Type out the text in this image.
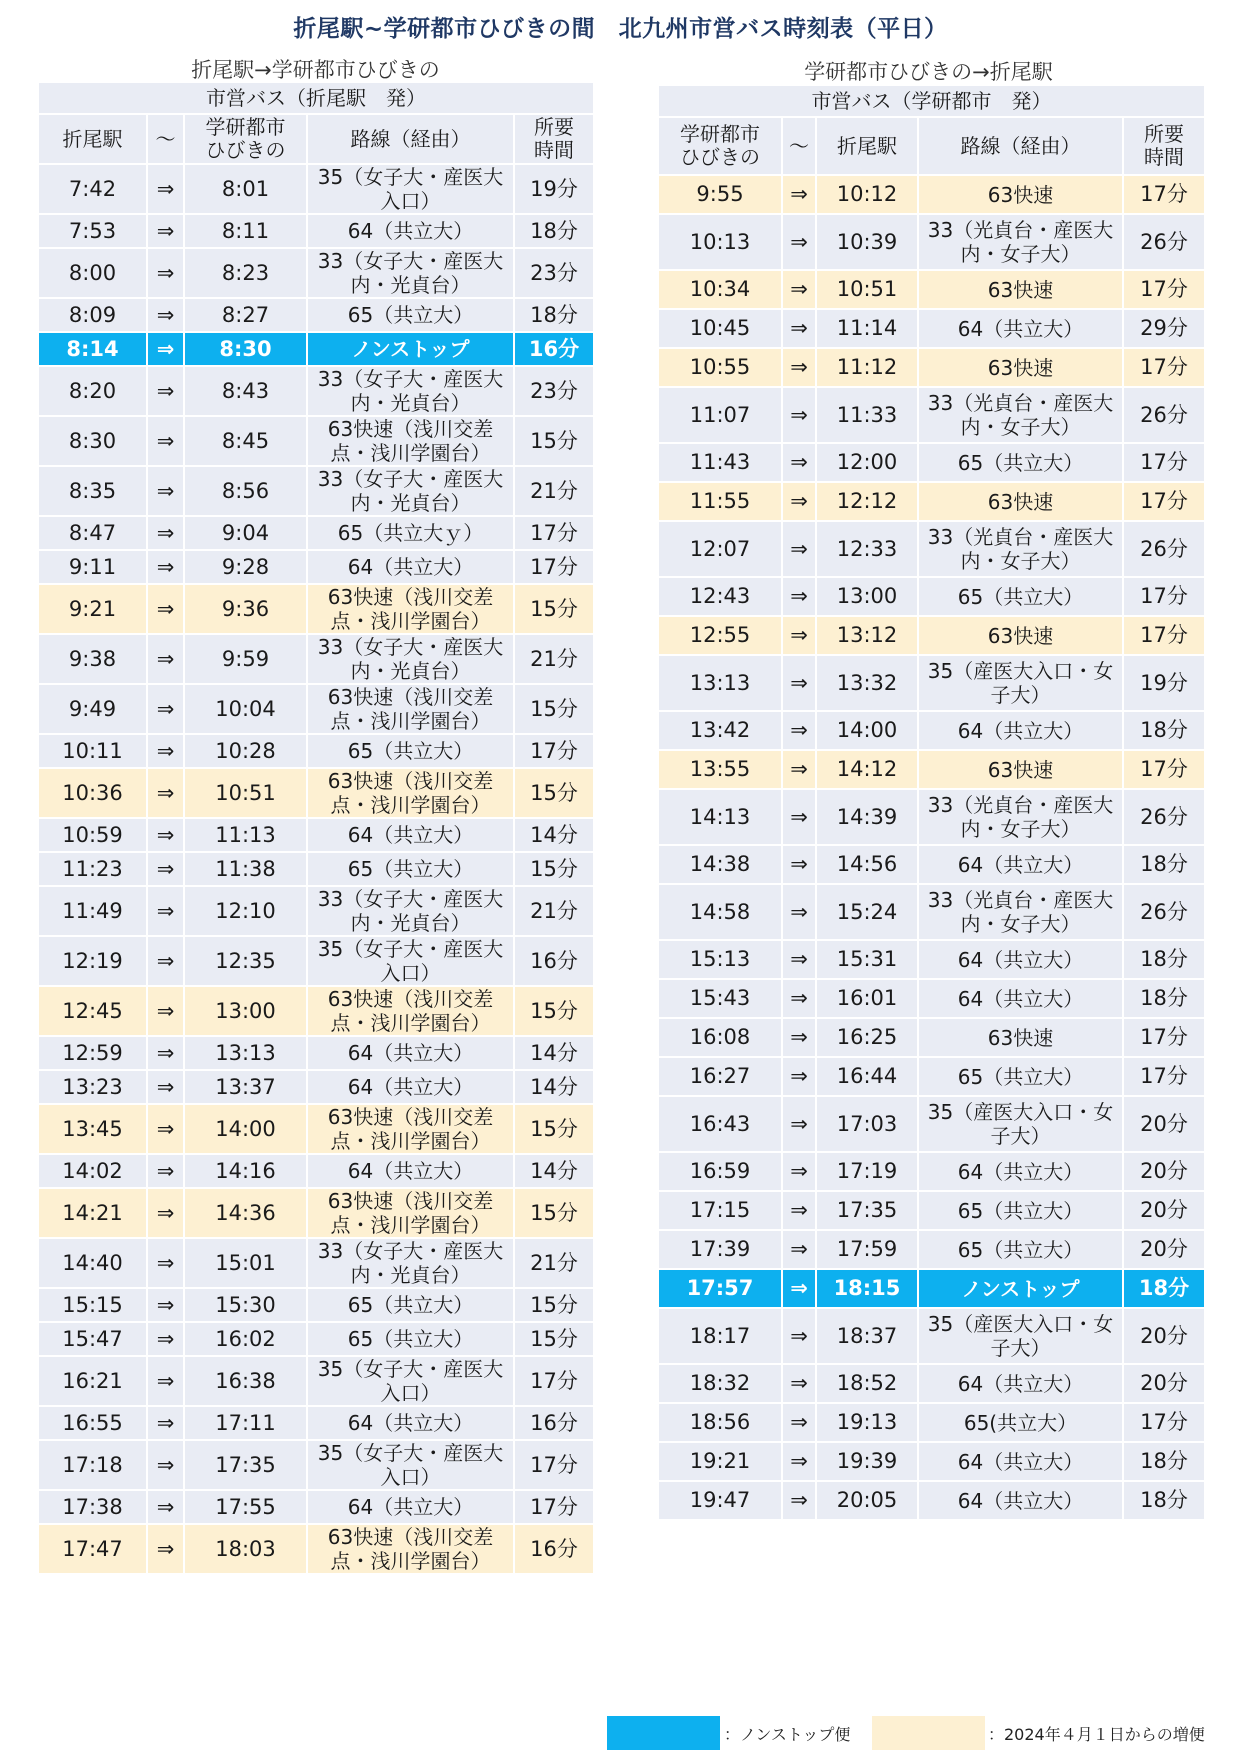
折尾駅~学研都市ひびきの間　北九州市営バス時刻表（平日）
折尾駅→学研都市ひびきの	学研都市ひびきの→折尾駅
市営バス（折尾駅　発）				
折尾駅	〜	学研都市
ひびきの	路線（経由）	所要
時間
7:42	⇒	8:01	35（女子大・産医大入口）	19分
7:53	⇒	8:11	64（共立大）	18分
8:00	⇒	8:23	33（女子大・産医大内・光貞台）	23分
8:09	⇒	8:27	65（共立大）	18分
8:14	⇒	8:30	ノンストップ	16分
8:20	⇒	8:43	33（女子大・産医大内・光貞台）	23分
8:30	⇒	8:45	63快速（浅川交差点・浅川学園台）	15分
8:35	⇒	8:56	33（女子大・産医大内・光貞台）	21分
8:47	⇒	9:04	65（共立大ｙ）	17分
9:11	⇒	9:28	64（共立大）	17分
9:21	⇒	9:36	63快速（浅川交差点・浅川学園台）	15分
9:38	⇒	9:59	33（女子大・産医大内・光貞台）	21分
9:49	⇒	10:04	63快速（浅川交差点・浅川学園台）	15分
10:11	⇒	10:28	65（共立大）	17分
10:36	⇒	10:51	63快速（浅川交差点・浅川学園台）	15分
10:59	⇒	11:13	64（共立大）	14分
11:23	⇒	11:38	65（共立大）	15分
11:49	⇒	12:10	33（女子大・産医大内・光貞台）	21分
12:19	⇒	12:35	35（女子大・産医大入口）	16分
12:45	⇒	13:00	63快速（浅川交差点・浅川学園台）	15分
12:59	⇒	13:13	64（共立大）	14分
13:23	⇒	13:37	64（共立大）	14分
13:45	⇒	14:00	63快速（浅川交差点・浅川学園台）	15分
14:02	⇒	14:16	64（共立大）	14分
14:21	⇒	14:36	63快速（浅川交差点・浅川学園台）	15分
14:40	⇒	15:01	33（女子大・産医大内・光貞台）	21分
15:15	⇒	15:30	65（共立大）	15分
15:47	⇒	16:02	65（共立大）	15分
16:21	⇒	16:38	35（女子大・産医大入口）	17分
16:55	⇒	17:11	64（共立大）	16分
17:18	⇒	17:35	35（女子大・産医大入口）	17分
17:38	⇒	17:55	64（共立大）	17分
17:47	⇒	18:03	63快速（浅川交差点・浅川学園台）	16分
市営バス（学研都市　発）				
学研都市
ひびきの	〜	折尾駅	路線（経由）	所要
時間
9:55	⇒	10:12	63快速	17分
10:13	⇒	10:39	33（光貞台・産医大内・女子大）	26分
10:34	⇒	10:51	63快速	17分
10:45	⇒	11:14	64（共立大）	29分
10:55	⇒	11:12	63快速	17分
11:07	⇒	11:33	33（光貞台・産医大内・女子大）	26分
11:43	⇒	12:00	65（共立大）	17分
11:55	⇒	12:12	63快速	17分
12:07	⇒	12:33	33（光貞台・産医大内・女子大）	26分
12:43	⇒	13:00	65（共立大）	17分
12:55	⇒	13:12	63快速	17分
13:13	⇒	13:32	35（産医大入口・女子大）	19分
13:42	⇒	14:00	64（共立大）	18分
13:55	⇒	14:12	63快速	17分
14:13	⇒	14:39	33（光貞台・産医大内・女子大）	26分
14:38	⇒	14:56	64（共立大）	18分
14:58	⇒	15:24	33（光貞台・産医大内・女子大）	26分
15:13	⇒	15:31	64（共立大）	18分
15:43	⇒	16:01	64（共立大）	18分
16:08	⇒	16:25	63快速	17分
16:27	⇒	16:44	65（共立大）	17分
16:43	⇒	17:03	35（産医大入口・女子大）	20分
16:59	⇒	17:19	64（共立大）	20分
17:15	⇒	17:35	65（共立大）	20分
17:39	⇒	17:59	65（共立大）	20分
17:57	⇒	18:15	ノンストップ	18分
18:17	⇒	18:37	35（産医大入口・女子大）	20分
18:32	⇒	18:52	64（共立大）	20分
18:56	⇒	19:13	65(共立大）	17分
19:21	⇒	19:39	64（共立大）	18分
19:47	⇒	20:05	64（共立大）	18分
：ノンストップ便	：2024年４月１日からの増便
